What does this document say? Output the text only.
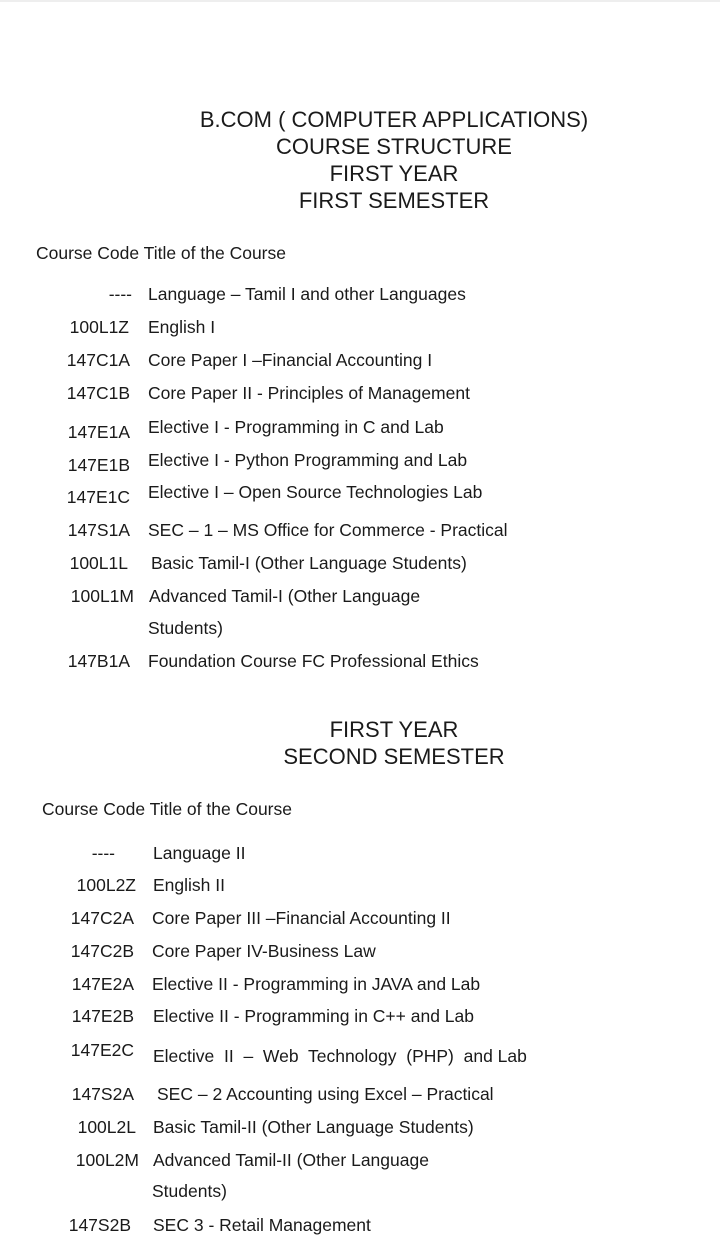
B.COM ( COMPUTER APPLICATIONS)
COURSE STRUCTURE
FIRST YEAR
FIRST SEMESTER
Course Code Title of the Course
---- Language – Tamil I and other Languages
100L1Z English I
147C1A Core Paper I –Financial Accounting I
147C1B Core Paper II - Principles of Management
147E1A Elective I - Programming in C and Lab
147E1B Elective I - Python Programming and Lab
147E1C Elective I – Open Source Technologies Lab
147S1A SEC – 1 – MS Office for Commerce - Practical
100L1L Basic Tamil-I (Other Language Students)
100L1M Advanced Tamil-I (Other Language
Students)
147B1A Foundation Course FC Professional Ethics
FIRST YEAR
SECOND SEMESTER
Course Code Title of the Course
---- Language II
100L2Z English II
147C2A Core Paper III –Financial Accounting II
147C2B Core Paper IV-Business Law
147E2A Elective II - Programming in JAVA and Lab
147E2B Elective II - Programming in C++ and Lab
147E2C Elective  II  –  Web  Technology  (PHP)  and Lab
147S2A SEC – 2 Accounting using Excel – Practical
100L2L Basic Tamil-II (Other Language Students)
100L2M Advanced Tamil-II (Other Language
Students)
147S2B SEC 3 - Retail Management
